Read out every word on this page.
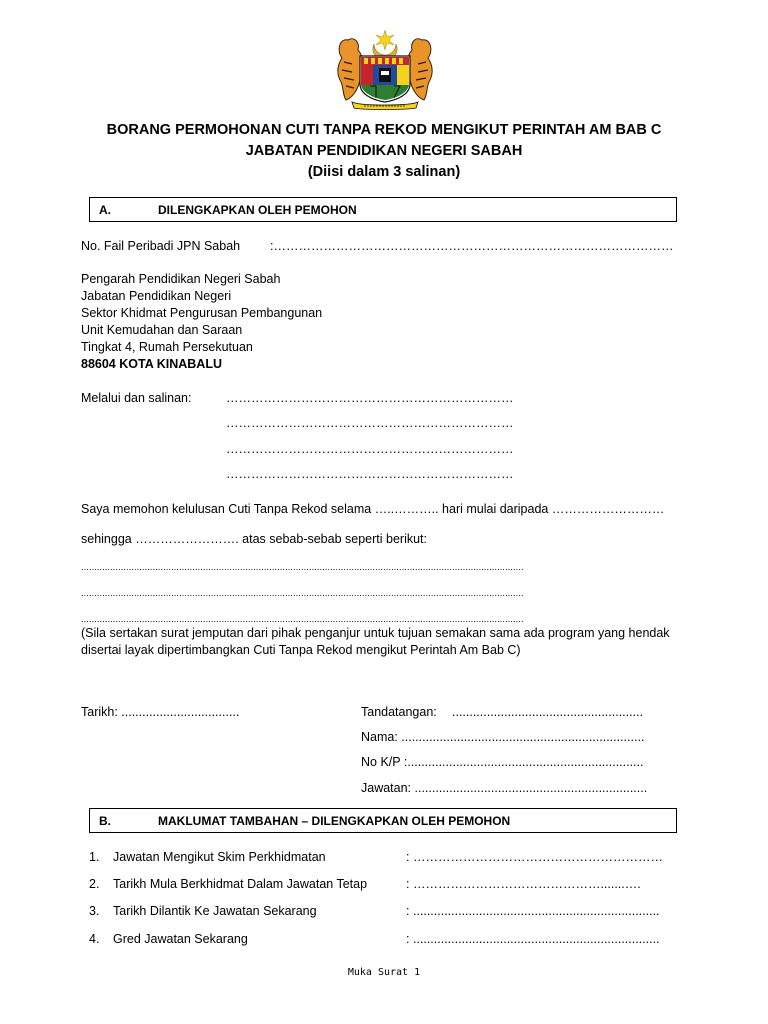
BORANG PERMOHONAN CUTI TANPA REKOD MENGIKUT PERINTAH AM BAB C
JABATAN PENDIDIKAN NEGERI SABAH
(Diisi dalam 3 salinan)
A.	DILENGKAPKAN OLEH PEMOHON
No. Fail Peribadi JPN Sabah :……………………………………………………………………………………
Pengarah Pendidikan Negeri Sabah
Jabatan Pendidikan Negeri
Sektor Khidmat Pengurusan Pembangunan
Unit Kemudahan dan Saraan
Tingkat 4, Rumah Persekutuan
88604 KOTA KINABALU
Melalui dan salinan:	……………………………………………………………
……………………………………………………………
……………………………………………………………
……………………………………………………………
Saya memohon kelulusan Cuti Tanpa Rekod selama …..……….. hari mulai daripada ………………………
sehingga ……………………. atas sebab-sebab seperti berikut:
.......................................................................................................................................................................
.......................................................................................................................................................................
.......................................................................................................................................................................
(Sila sertakan surat jemputan dari pihak penganjur untuk tujuan semakan sama ada program yang hendak
disertai layak dipertimbangkan Cuti Tanpa Rekod mengikut Perintah Am Bab C)
Tarikh: ..................................	Tandatangan: .......................................................
Nama: ......................................................................
No K/P :....................................................................
Jawatan: ...................................................................
B.	MAKLUMAT TAMBAHAN – DILENGKAPKAN OLEH PEMOHON
1. Jawatan Mengikut Skim Perkhidmatan	: ……………………………………………………
2. Tarikh Mula Berkhidmat Dalam Jawatan Tetap	: ……………………………………….......….
3. Tarikh Dilantik Ke Jawatan Sekarang	: .......................................................................
4. Gred Jawatan Sekarang	: .......................................................................
Muka Surat 1
